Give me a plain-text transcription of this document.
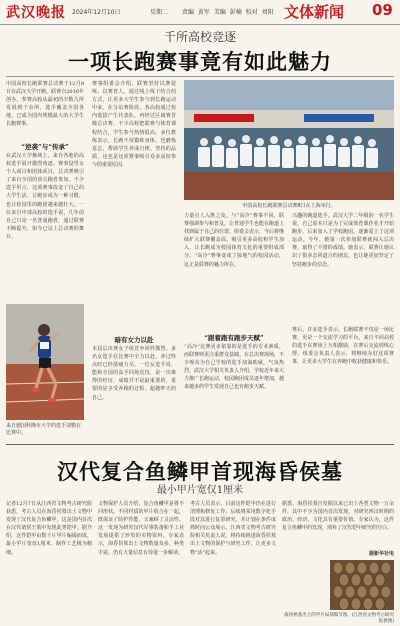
武汉晚报 2024年12月10日	星期二 责编 黄军 美编 彭楠 校对 刘阳 文体新闻 09
千所高校竞逐
一项长跑赛事竟有如此魅力
中国高校长跑联赛总决赛于12月8日在武汉大学开跑。联赛自2016年创办，参赛高校从最初的少数几所发展到千余所，选手覆盖全国各地，已成为国内规模最大的大学生长跑赛事。
“逆袭”与“传承”
在武汉大学操场上，来自各地的高校选手展开激烈角逐。赛事设男女个人项目和团体项目，总决赛吸引了来自全国的顶尖跑者参加。不少选手坦言，这项赛事改变了自己的大学生活，让跑步成为一种习惯，也让校园里的跑团越来越壮大。一位来自中部高校的选手说，几年前自己只是一名普通跑者，通过联赛不断提升，如今已站上总决赛的舞台。
来自德国科隆市大学的选手刘勒在比赛中。
赛事组委会介绍，联赛坚持以赛促练、以赛育人，通过线上线下结合的方式，让更多大学生参与到长跑运动中来。在分站赛阶段，各高校通过校内选拔产生代表队，再经过区域赛晋级总决赛。不少高校把联赛与体育课程结合，学生参与热情很高。多位教练表示，长跑不仅锻炼身体，也磨炼意志，帮助学生养成自律、坚持的品质，这也是这项赛事吸引众多高校参与的重要原因。
暗有女力以赴
本届总决赛女子组竞争同样激烈。多名女选手在比赛中全力以赴，冲过终点时已经筋疲力尽。一位女选手说，能和全国的高手同场竞技，是一次难得的经历，成绩并不是最重要的，重要的是享受奔跑的过程，超越昨天的自己。
中国高校长跑联赛总决赛8日在上海举行。
力量引人入胜之处。与“高冷”赛事不同，联赛强调参与和普及，让普通学生也能在跑道上找到属于自己的位置。组委会表示，今后将继续扩大联赛覆盖面，吸引更多高校和学生加入，让长跑成为校园体育文化的重要组成部分。“高冷”赛事变成了接地气的校园活动，这正是联赛的魅力所在。
“跟着跑有跑步天赋”
“高冷”比赛更多依靠的是选手的专业素质，而联赛则更注重群众基础。在总决赛现场，不少观众为自己学校的选手加油助威，气氛热烈。武汉大学相关负责人介绍，学校近年来大力推广长跑运动，校园跑团成员逐年增加，越来越多的学生发现自己也有跑步天赋。
兴趣的跑道选手。武汉大学二年级的一名学生说，自己原本只是为了完成体育课作业才开始跑步，后来加入了学校跑团，逐渐爱上了这项运动。今年，她第一次参加联赛就闯入总决赛，取得了不错的成绩。她表示，联赛让她认识了很多志同道合的朋友，也让她更加坚定了坚持跑步的信念。
赛后，许多选手表示，长跑联赛不仅是一场比赛，更是一个交流学习的平台。来自不同高校的选手在赛场上互相激励，在赛后交流训练心得。组委会负责人表示，将继续办好这项赛事，让更多大学生在奔跑中收获健康和快乐。
汉代复合鱼鳞甲首现海昏侯墓
最小甲片宽仅1厘米
记者12月7日从江西省文物考古研究院获悉，考古人员在海昏侯墓出土文物中发现了汉代复合鱼鳞甲，这是国内首次在汉代诸侯王墓中发现此类铠甲。据介绍，这件铠甲由数千片甲片编缀而成，最小甲片宽仅1厘米，制作工艺极为精细。
文物保护人员介绍，复合鱼鳞甲是将不同形状、不同材质的甲片组合在一起，既保证了防护性能，又兼顾了灵活性。这一发现为研究汉代军事装备和手工业发展提供了珍贵的实物资料。专家表示，海昏侯墓出土文物数量众多、种类丰富，仍有大量信息有待进一步解读。
考古人员表示，目前这件铠甲仍在进行清理和修复工作，后续将采用数字化手段对其进行复原研究，并计划在条件成熟时向公众展示。江西省文物考古研究院相关负责人说，将持续推进海昏侯墓出土文物的保护与研究工作，让更多文物“活”起来。
据悉，海昏侯墓自发掘以来已出土各类文物一万余件，其中不少为国内首次发现，对研究西汉时期的政治、经济、文化具有重要价值。专家认为，这件复合鱼鳞甲的发现，填补了汉代铠甲研究的空白。
据新华社电
海昏侯墓出土的甲片局部细节图。(江西省文物考古研究院供图)
